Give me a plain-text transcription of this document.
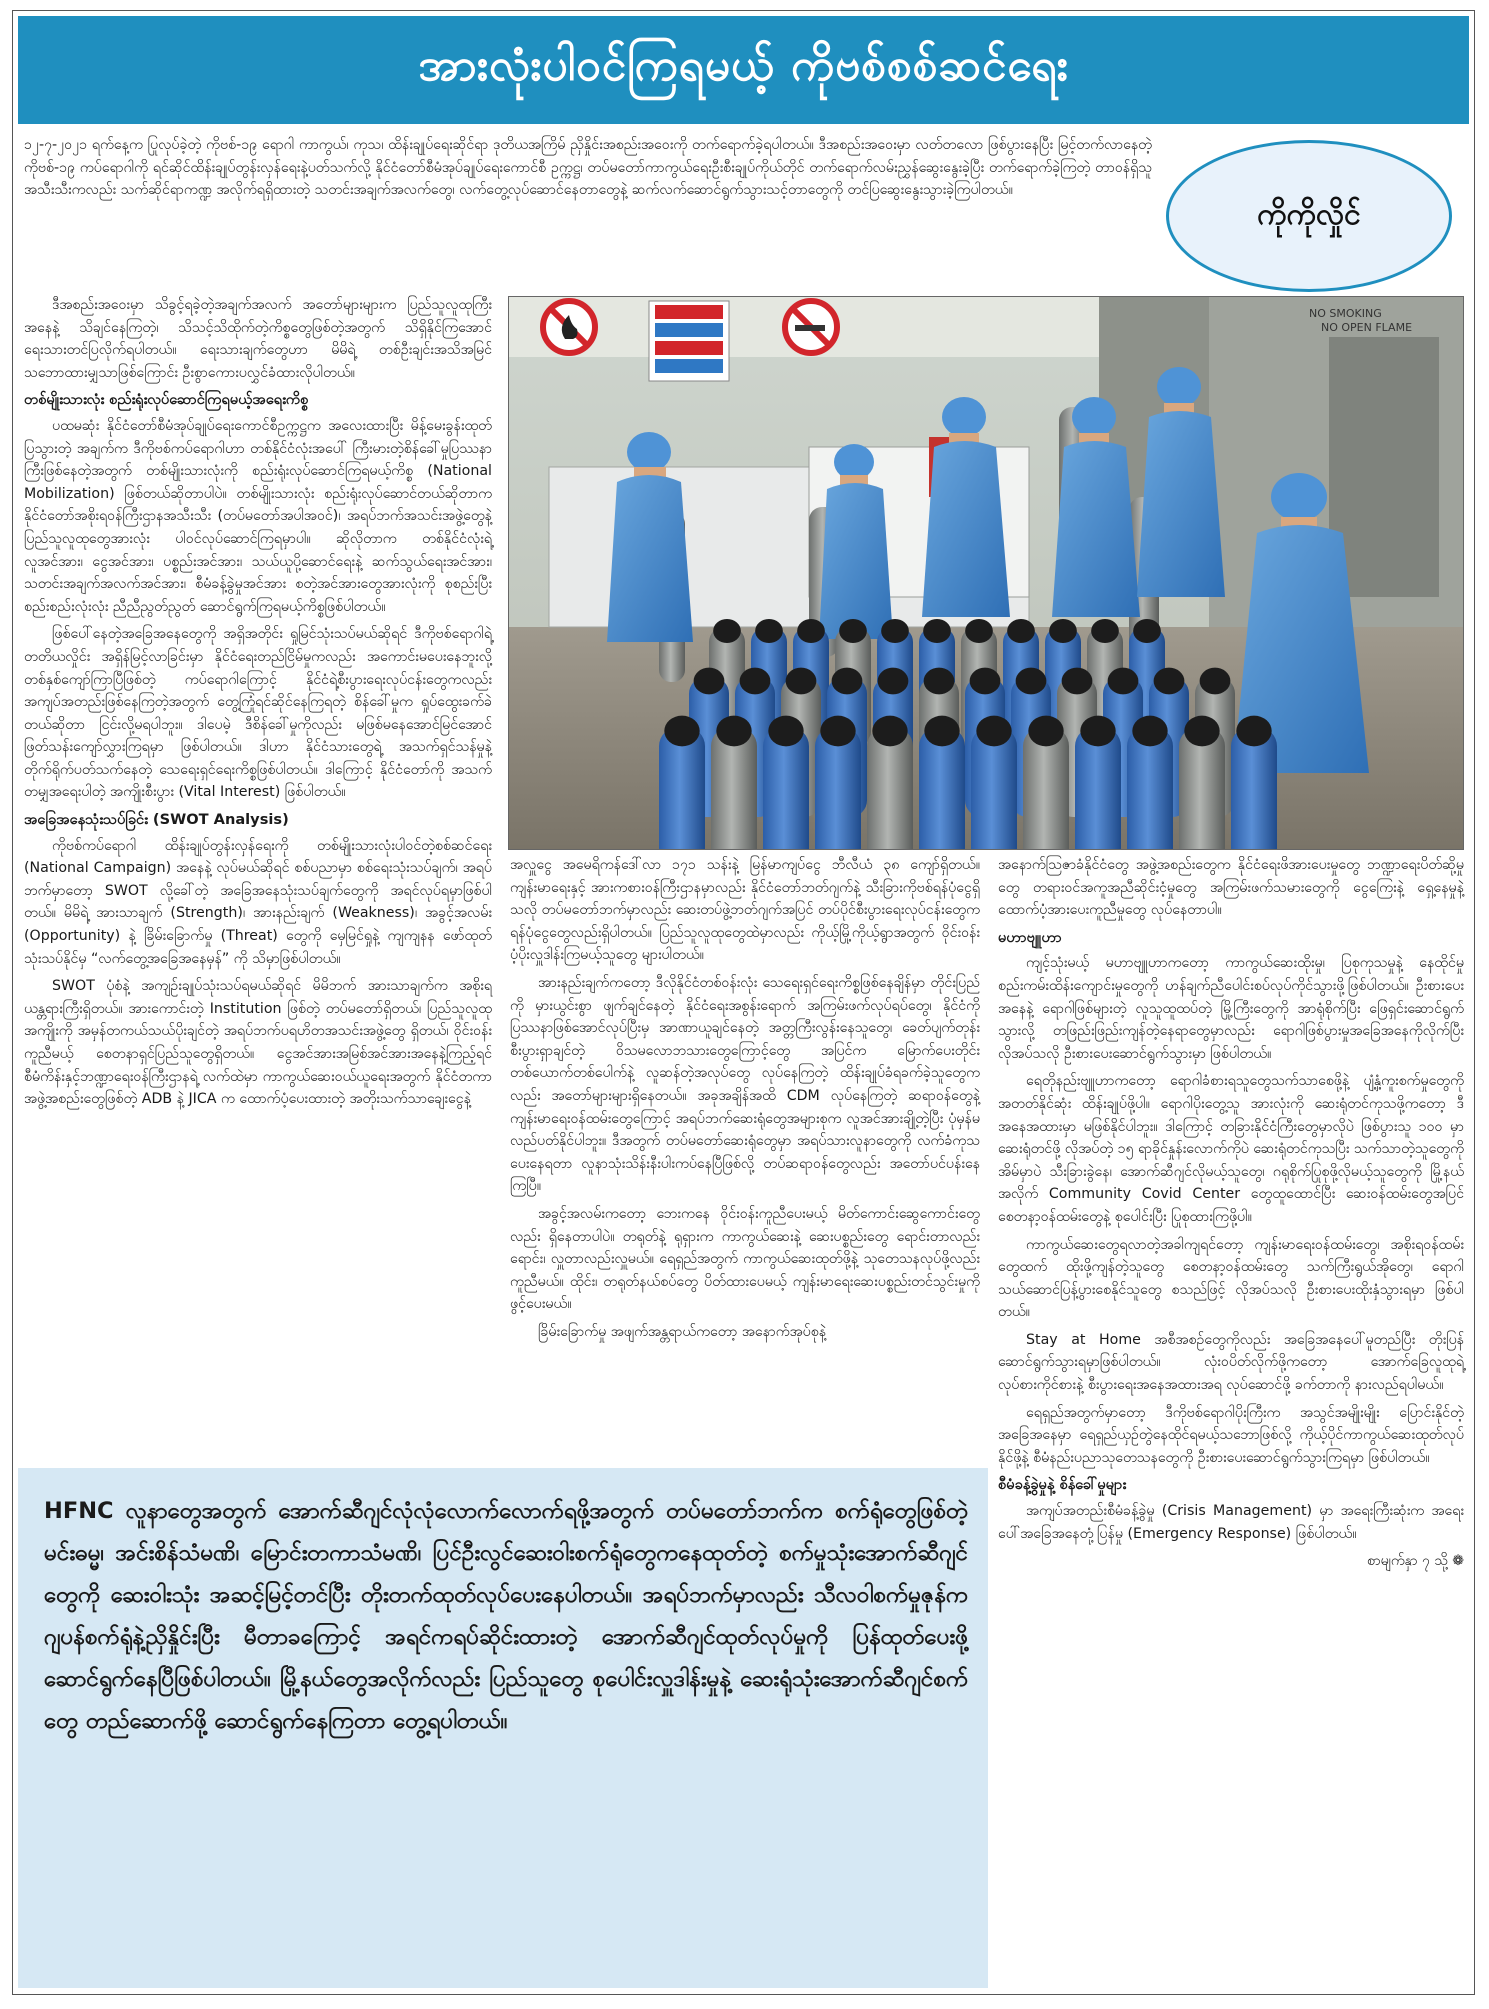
အားလုံးပါဝင်ကြရမယ့် ကိုဗစ်စစ်ဆင်ရေး

၁၂-၇-၂၀၂၁ ရက်နေ့က ပြုလုပ်ခဲ့တဲ့ ကိုဗစ်-၁၉ ရောဂါ ကာကွယ်၊ ကုသ၊ ထိန်းချုပ်ရေးဆိုင်ရာ ဒုတိယအကြိမ် ညှိနှိုင်းအစည်းအဝေးကို တက်ရောက်ခဲ့ရပါတယ်။ ဒီအစည်းအဝေးမှာ လတ်တလော ဖြစ်ပွားနေပြီး မြင့်တက်လာနေတဲ့ ကိုဗစ်-၁၉ ကပ်ရောဂါကို ရင်ဆိုင်ထိန်းချုပ်တွန်းလှန်ရေးနဲ့ပတ်သက်လို့ နိုင်ငံတော်စီမံအုပ်ချုပ်ရေးကောင်စီ ဥက္ကဋ္ဌ၊ တပ်မတော်ကာကွယ်ရေးဦးစီးချုပ်ကိုယ်တိုင် တက်ရောက်လမ်းညွှန်ဆွေးနွေးခဲ့ပြီး တက်ရောက်ခဲ့ကြတဲ့ တာဝန်ရှိသူအသီးသီးကလည်း သက်ဆိုင်ရာကဏ္ဍ အလိုက်ရရှိထားတဲ့ သတင်းအချက်အလက်တွေ၊ လက်တွေ့လုပ်ဆောင်နေတာတွေနဲ့ ဆက်လက်ဆောင်ရွက်သွားသင့်တာတွေကို တင်ပြဆွေးနွေးသွားခဲ့ကြပါတယ်။

ကိုကိုလှိုင်

ဒီအစည်းအဝေးမှာ သိခွင့်ရခဲ့တဲ့အချက်အလက် အတော်များများက ပြည်သူလူထုကြီးအနေနဲ့ သိချင်နေကြတဲ့၊ သိသင့်သိထိုက်တဲ့ကိစ္စတွေဖြစ်တဲ့အတွက် သိရှိနိုင်ကြအောင် ရေးသားတင်ပြလိုက်ရပါတယ်။ ရေးသားချက်တွေဟာ မိမိရဲ့ တစ်ဦးချင်းအသိအမြင်သဘောထားမျှသာဖြစ်ကြောင်း ဦးစွာကေားပလွှင်ခံထားလိုပါတယ်။

တစ်မျိုးသားလုံး စည်းရုံးလုပ်ဆောင်ကြရမယ့်အရေးကိစ္စ

ပထမဆုံး နိုင်ငံတော်စီမံအုပ်ချုပ်ရေးကောင်စီဥက္ကဋ္ဌက အလေးထားပြီး မိန့်မေးခွန်းထုတ်ပြသွားတဲ့ အချက်က ဒီကိုဗစ်ကပ်ရောဂါဟာ တစ်နိုင်ငံလုံးအပေါ် ကြီးမားတဲ့စိန်ခေါ်မှုပြဿနာကြီးဖြစ်နေတဲ့အတွက် တစ်မျိုးသားလုံးကို စည်းရုံးလုပ်ဆောင်ကြရမယ့်ကိစ္စ (National Mobilization) ဖြစ်တယ်ဆိုတာပါပဲ။ တစ်မျိုးသားလုံး စည်းရုံးလုပ်ဆောင်တယ်ဆိုတာက နိုင်ငံတော်အစိုးရဝန်ကြီးဌာနအသီးသီး (တပ်မတော်အပါအဝင်)၊ အရပ်ဘက်အသင်းအဖွဲ့တွေနဲ့ ပြည်သူလူထုတွေအားလုံး ပါဝင်လုပ်ဆောင်ကြရမှာပါ။ ဆိုလိုတာက တစ်နိုင်ငံလုံးရဲ့ လူအင်အား၊ ငွေအင်အား၊ ပစ္စည်းအင်အား၊ သယ်ယူပို့ဆောင်ရေးနဲ့ ဆက်သွယ်ရေးအင်အား၊ သတင်းအချက်အလက်အင်အား၊ စီမံခန့်ခွဲမှုအင်အား စတဲ့အင်အားတွေအားလုံးကို စုစည်းပြီး စည်းစည်းလုံးလုံး ညီညီညွတ်ညွတ် ဆောင်ရွက်ကြရမယ့်ကိစ္စဖြစ်ပါတယ်။

ဖြစ်ပေါ်နေတဲ့အခြေအနေတွေကို အရှိအတိုင်း ရှုမြင်သုံးသပ်မယ်ဆိုရင် ဒီကိုဗစ်ရောဂါရဲ့ တတိယလှိုင်း အရှိန်မြင့်လာခြင်းမှာ နိုင်ငံရေးတည်ငြိမ်မှုကလည်း အကောင်းမပေးနေဘူးလို့ တစ်နှစ်ကျော်ကြာပြီဖြစ်တဲ့ ကပ်ရောဂါကြောင့် နိုင်ငံရဲ့စီးပွားရေးလုပ်ငန်းတွေကလည်း အကျပ်အတည်းဖြစ်နေကြတဲ့အတွက် တွေ့ကြုံရင်ဆိုင်နေကြရတဲ့ စိန်ခေါ်မှုက ရှုပ်ထွေးခက်ခဲတယ်ဆိုတာ ငြင်းလို့မရပါဘူး။ ဒါပေမဲ့ ဒီစိန်ခေါ်မှုကိုလည်း မဖြစ်မနေအောင်မြင်အောင် ဖြတ်သန်းကျော်လွှားကြရမှာ ဖြစ်ပါတယ်။ ဒါဟာ နိုင်ငံသားတွေရဲ့ အသက်ရှင်သန်မှုနဲ့ တိုက်ရိုက်ပတ်သက်နေတဲ့ သေရေးရှင်ရေးကိစ္စဖြစ်ပါတယ်။ ဒါကြောင့် နိုင်ငံတော်ကို အသက်တမျှအရေးပါတဲ့ အကျိုးစီးပွား (Vital Interest) ဖြစ်ပါတယ်။

အခြေအနေသုံးသပ်ခြင်း (SWOT Analysis)

ကိုဗစ်ကပ်ရောဂါ ထိန်းချုပ်တွန်းလှန်ရေးကို တစ်မျိုးသားလုံးပါဝင်တဲ့စစ်ဆင်ရေး (National Campaign) အနေနဲ့ လုပ်မယ်ဆိုရင် စစ်ပညာမှာ စစ်ရေးသုံးသပ်ချက်၊ အရပ်ဘက်မှာတော့ SWOT လို့ခေါ်တဲ့ အခြေအနေသုံးသပ်ချက်တွေကို အရင်လုပ်ရမှာဖြစ်ပါတယ်။ မိမိရဲ့ အားသာချက် (Strength)၊ အားနည်းချက် (Weakness)၊ အခွင့်အလမ်း (Opportunity) နဲ့ ခြိမ်းခြောက်မှု (Threat) တွေကို မှေမြင်ရှုနဲ့ ကျကျနန ဖော်ထုတ်သုံးသပ်နိုင်မှ “လက်တွေ့အခြေအနေမှန်” ကို သိမှာဖြစ်ပါတယ်။

SWOT ပုံစံနဲ့ အကျဉ်းချုပ်သုံးသပ်ရမယ်ဆိုရင် မိမိဘက် အားသာချက်က အစိုးရယန္တရားကြီးရှိတယ်။ အားကောင်းတဲ့ Institution ဖြစ်တဲ့ တပ်မတော်ရှိတယ်၊ ပြည်သူလူထုအကျိုးကို အမှန်တကယ်သယ်ပိုးချင်တဲ့ အရပ်ဘက်ပရဟိတအသင်းအဖွဲ့တွေ ရှိတယ်၊ ဝိုင်းဝန်းကူညီမယ့် စေတနာရှင်ပြည်သူတွေရှိတယ်။ ငွေအင်အားအမြစ်အင်အားအနေနဲ့ကြည့်ရင် စီမံကိန်းနှင့်ဘဏ္ဍာရေးဝန်ကြီးဌာနရဲ့ လက်ထဲမှာ ကာကွယ်ဆေးဝယ်ယူရေးအတွက် နိုင်ငံတကာအဖွဲ့အစည်းတွေဖြစ်တဲ့ ADB နဲ့ JICA က ထောက်ပံ့ပေးထားတဲ့ အတိုးသက်သာချေးငွေနဲ့

NO SMOKING
NO OPEN FLAME

အလှူငွေ အမေရိကန်ဒေါ်လာ ၁၇၁ သန်းနဲ့ မြန်မာကျပ်ငွေ ဘီလီယံ ၃၈ ကျော်ရှိတယ်။ ကျန်းမာရေးနှင့် အားကစားဝန်ကြီးဌာနမှာလည်း နိုင်ငံတော်ဘတ်ဂျက်နဲ့ သီးခြားကိုဗစ်ရန်ပုံငွေရှိသလို တပ်မတော်ဘက်မှာလည်း ဆေးတပ်ဖွဲ့ဘတ်ဂျက်အပြင် တပ်ပိုင်စီးပွားရေးလုပ်ငန်းတွေက ရန်ပုံငွေတွေလည်းရှိပါတယ်။ ပြည်သူလူထုတွေထဲမှာလည်း ကိုယ့်မြို့ကိုယ့်ရွာအတွက် ဝိုင်းဝန်းပံ့ပိုးလှူဒါန်းကြမယ့်သူတွေ များပါတယ်။

အားနည်းချက်ကတော့ ဒီလိုနိုင်ငံတစ်ဝန်းလုံး သေရေးရှင်ရေးကိစ္စဖြစ်နေချိန်မှာ တိုင်းပြည်ကို မှားယွင်းစွာ ဖျက်ချင်နေတဲ့ နိုင်ငံရေးအစွန်းရောက် အကြမ်းဖက်လုပ်ရပ်တွေ၊ နိုင်ငံကို ပြဿနာဖြစ်အောင်လုပ်ပြီးမှ အာဏာယူချင်နေတဲ့ အတ္တကြီးလွန်းနေသူတွေ၊ ခေတ်ပျက်တုန်း စီးပွားရှာချင်တဲ့ ဝိသမလောဘသားတွေကြောင့်တွေ အပြင်က မြောက်ပေးတိုင်း တစ်ယောက်တစ်ပေါက်နဲ့ လူဆန်တဲ့အလုပ်တွေ လုပ်နေကြတဲ့ ထိန်းချုပ်ခံရခက်ခဲ့သူတွေကလည်း အတော်များများရှိနေတယ်။ အခုအချိန်အထိ CDM လုပ်နေကြတဲ့ ဆရာဝန်တွေနဲ့ ကျန်းမာရေးဝန်ထမ်းတွေကြောင့် အရပ်ဘက်ဆေးရုံတွေအများစုက လူအင်အားချို့တဲ့ပြီး ပုံမှန်မလည်ပတ်နိုင်ပါဘူး။ ဒီအတွက် တပ်မတော်ဆေးရုံတွေမှာ အရပ်သားလူနာတွေကို လက်ခံကုသပေးနေရတာ လူနာသုံးသိန်းနီးပါးကပ်နေပြီဖြစ်လို့ တပ်ဆရာဝန်တွေလည်း အတော်ပင်ပန်းနေကြပြီ။

အခွင့်အလမ်းကတော့ ဘေးကနေ ဝိုင်းဝန်းကူညီပေးမယ့် မိတ်ကောင်းဆွေကောင်းတွေလည်း ရှိနေတာပါပဲ။ တရုတ်နဲ့ ရုရှားက ကာကွယ်ဆေးနဲ့ ဆေးပစ္စည်းတွေ ရောင်းတာလည်းရောင်း၊ လှူတာလည်းလှူမယ်။ ရေရှည်အတွက် ကာကွယ်ဆေးထုတ်ဖို့နဲ့ သုတေသနလုပ်ဖို့လည်း ကူညီမယ်။ ထိုင်း၊ တရုတ်နယ်စပ်တွေ ပိတ်ထားပေမယ့် ကျန်းမာရေးဆေးပစ္စည်းတင်သွင်းမှုကို ဖွင့်ပေးမယ်။

ခြိမ်းခြောက်မှု အဖျက်အန္တရာယ်ကတော့ အနောက်အုပ်စုနဲ့

အနောက်ဩဇာခံနိုင်ငံတွေ အဖွဲ့အစည်းတွေက နိုင်ငံရေးဖိအားပေးမှုတွေ ဘဏ္ဍာရေးပိတ်ဆို့မှုတွေ တရားဝင်အကူအညီဆိုင်းငံ့မှုတွေ အကြမ်းဖက်သမားတွေကို ငွေကြေးနဲ့ ရှေ့နေမှုနဲ့ ထောက်ပံ့အားပေးကူညီမှုတွေ လုပ်နေတာပါ။

မဟာဗျူဟာ

ကျင့်သုံးမယ့် မဟာဗျူဟာကတော့ ကာကွယ်ဆေးထိုးမှု၊ ပြစုကုသမှုနဲ့ နေထိုင်မှု စည်းကမ်းထိန်းကျောင်းမှုတွေကို ဟန်ချက်ညီပေါင်းစပ်လုပ်ကိုင်သွားဖို့ဖြစ်ပါတယ်။ ဦးစားပေးအနေနဲ့ ရောဂါဖြစ်များတဲ့ လူသူထူထပ်တဲ့ မြို့ကြီးတွေကို အာရုံစိုက်ပြီး ဖြေရှင်းဆောင်ရွက်သွားလို့ တဖြည်းဖြည်းကျန်တဲ့နေရာတွေမှာလည်း ရောဂါဖြစ်ပွားမှုအခြေအနေကိုလိုက်ပြီး လိုအပ်သလို ဦးစားပေးဆောင်ရွက်သွားမှာ ဖြစ်ပါတယ်။

ရေတိုနည်းဗျူဟာကတော့ ရောဂါခံစားရသူတွေသက်သာစေဖို့နဲ့ ပျံ့နှံ့ကူးစက်မှုတွေကို အတတ်နိုင်ဆုံး ထိန်းချုပ်ဖို့ပါ။ ရောဂါပိုးတွေ့သူ အားလုံးကို ဆေးရုံတင်ကုသဖို့ကတော့ ဒီအနေအထားမှာ မဖြစ်နိုင်ပါဘူး။ ဒါကြောင့် တခြားနိုင်ငံကြီးတွေမှာလိုပဲ ဖြစ်ပွားသူ ၁၀၀ မှာ ဆေးရုံတင်ဖို့ လိုအပ်တဲ့ ၁၅ ရာခိုင်နှုန်းလောက်ကိုပဲ ဆေးရုံတင်ကုသပြီး သက်သာတဲ့သူတွေကို အိမ်မှာပဲ သီးခြားခွဲနေ၊ အောက်ဆီဂျင်လိုမယ့်သူတွေ၊ ဂရုစိုက်ပြုစုဖို့လိုမယ့်သူတွေကို မြို့နယ်အလိုက် Community Covid Center တွေထူထောင်ပြီး ဆေးဝန်ထမ်းတွေအပြင် စေတနာ့ဝန်ထမ်းတွေနဲ့ စုပေါင်းပြီး ပြုစုထားကြဖို့ပါ။

ကာကွယ်ဆေးတွေရလာတဲ့အခါကျရင်တော့ ကျန်းမာရေးဝန်ထမ်းတွေ၊ အစိုးရဝန်ထမ်းတွေထက် ထိုးဖို့ကျန်တဲ့သူတွေ စေတနာ့ဝန်ထမ်းတွေ သက်ကြီးရွယ်အိုတွေ၊ ရောဂါသယ်ဆောင်ပြန့်ပွားစေနိုင်သူတွေ စသည်ဖြင့် လိုအပ်သလို ဦးစားပေးထိုးနှံသွားရမှာ ဖြစ်ပါတယ်။

Stay at Home အစီအစဉ်တွေကိုလည်း အခြေအနေပေါ်မူတည်ပြီး တိုးပြန်ဆောင်ရွက်သွားရမှာဖြစ်ပါတယ်။ လုံးဝပိတ်လိုက်ဖို့ကတော့ အောက်ခြေလူထုရဲ့ လုပ်စားကိုင်စားနဲ့ စီးပွားရေးအနေအထားအရ လုပ်ဆောင်ဖို့ ခက်တာကို နားလည်ရပါမယ်။

ရေရှည်အတွက်မှာတော့ ဒီကိုဗစ်ရောဂါပိုးကြီးက အသွင်အမျိုးမျိုး ပြောင်းနိုင်တဲ့ အခြေအနေမှာ ရေရှည်ယှဉ်တွဲနေထိုင်ရမယ့်သဘောဖြစ်လို့ ကိုယ့်ပိုင်ကာကွယ်ဆေးထုတ်လုပ်နိုင်ဖို့နဲ့ စီမံနည်းပညာသုတေသနတွေကို ဦးစားပေးဆောင်ရွက်သွားကြရမှာ ဖြစ်ပါတယ်။

စီမံခန့်ခွဲမှုနဲ့ စိန်ခေါ်မှုများ

အကျပ်အတည်းစီမံခန့်ခွဲမှု (Crisis Management) မှာ အရေးကြီးဆုံးက အရေးပေါ်အခြေအနေတုံ့ပြန်မှု (Emergency Response) ဖြစ်ပါတယ်။

စာမျက်နှာ ၇ သို့ ❁

HFNC လူနာတွေအတွက် အောက်ဆီဂျင်လုံလုံလောက်လောက်ရဖို့အတွက် တပ်မတော်ဘက်က စက်ရုံတွေဖြစ်တဲ့ မင်းဓမ္မ၊ အင်းစိန်သံမဏိ၊ မြောင်းတကာသံမဏိ၊ ပြင်ဦးလွင်ဆေးဝါးစက်ရုံတွေကနေထုတ်တဲ့ စက်မှုသုံးအောက်ဆီဂျင်တွေကို ဆေးဝါးသုံး အဆင့်မြင့်တင်ပြီး တိုးတက်ထုတ်လုပ်ပေးနေပါတယ်။ အရပ်ဘက်မှာလည်း သီလဝါစက်မှုဇုန်က ဂျပန်စက်ရုံနဲ့ညှိနှိုင်းပြီး မီတာခကြောင့် အရင်ကရပ်ဆိုင်းထားတဲ့ အောက်ဆီဂျင်ထုတ်လုပ်မှုကို ပြန်ထုတ်ပေးဖို့ ဆောင်ရွက်နေပြီဖြစ်ပါတယ်။ မြို့နယ်တွေအလိုက်လည်း ပြည်သူတွေ စုပေါင်းလှူဒါန်းမှုနဲ့ ဆေးရုံသုံးအောက်ဆီဂျင်စက်တွေ တည်ဆောက်ဖို့ ဆောင်ရွက်နေကြတာ တွေ့ရပါတယ်။
